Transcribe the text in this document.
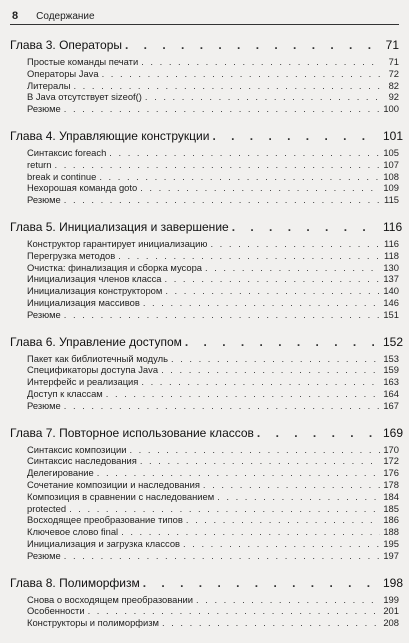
8 Содержание
Глава 3. Операторы . . .	71
Простые команды печати . . .	71
Операторы Java . . .	72
Литералы . . .	82
В Java отсутствует sizeof() . . .	92
Резюме . . .	100
Глава 4. Управляющие конструкции . . .	101
Синтаксис foreach . . .	105
return . . .	107
break и continue . . .	108
Нехорошая команда goto . . .	109
Резюме . . .	115
Глава 5. Инициализация и завершение . . .	116
Конструктор гарантирует инициализацию . . .	116
Перегрузка методов . . .	118
Очистка: финализация и сборка мусора . . .	130
Инициализация членов класса . . .	137
Инициализация конструктором . . .	140
Инициализация массивов . . .	146
Резюме . . .	151
Глава 6. Управление доступом . . .	152
Пакет как библиотечный модуль . . .	153
Спецификаторы доступа Java . . .	159
Интерфейс и реализация . . .	163
Доступ к классам . . .	164
Резюме . . .	167
Глава 7. Повторное использование классов . . .	169
Синтаксис композиции . . .	170
Синтаксис наследования . . .	172
Делегирование . . .	176
Сочетание композиции и наследования . . .	178
Композиция в сравнении с наследованием . . .	184
protected . . .	185
Восходящее преобразование типов . . .	186
Ключевое слово final . . .	188
Инициализация и загрузка классов . . .	195
Резюме . . .	197
Глава 8. Полиморфизм . . .	198
Снова о восходящем преобразовании . . .	199
Особенности . . .	201
Конструкторы и полиморфизм . . .	208
